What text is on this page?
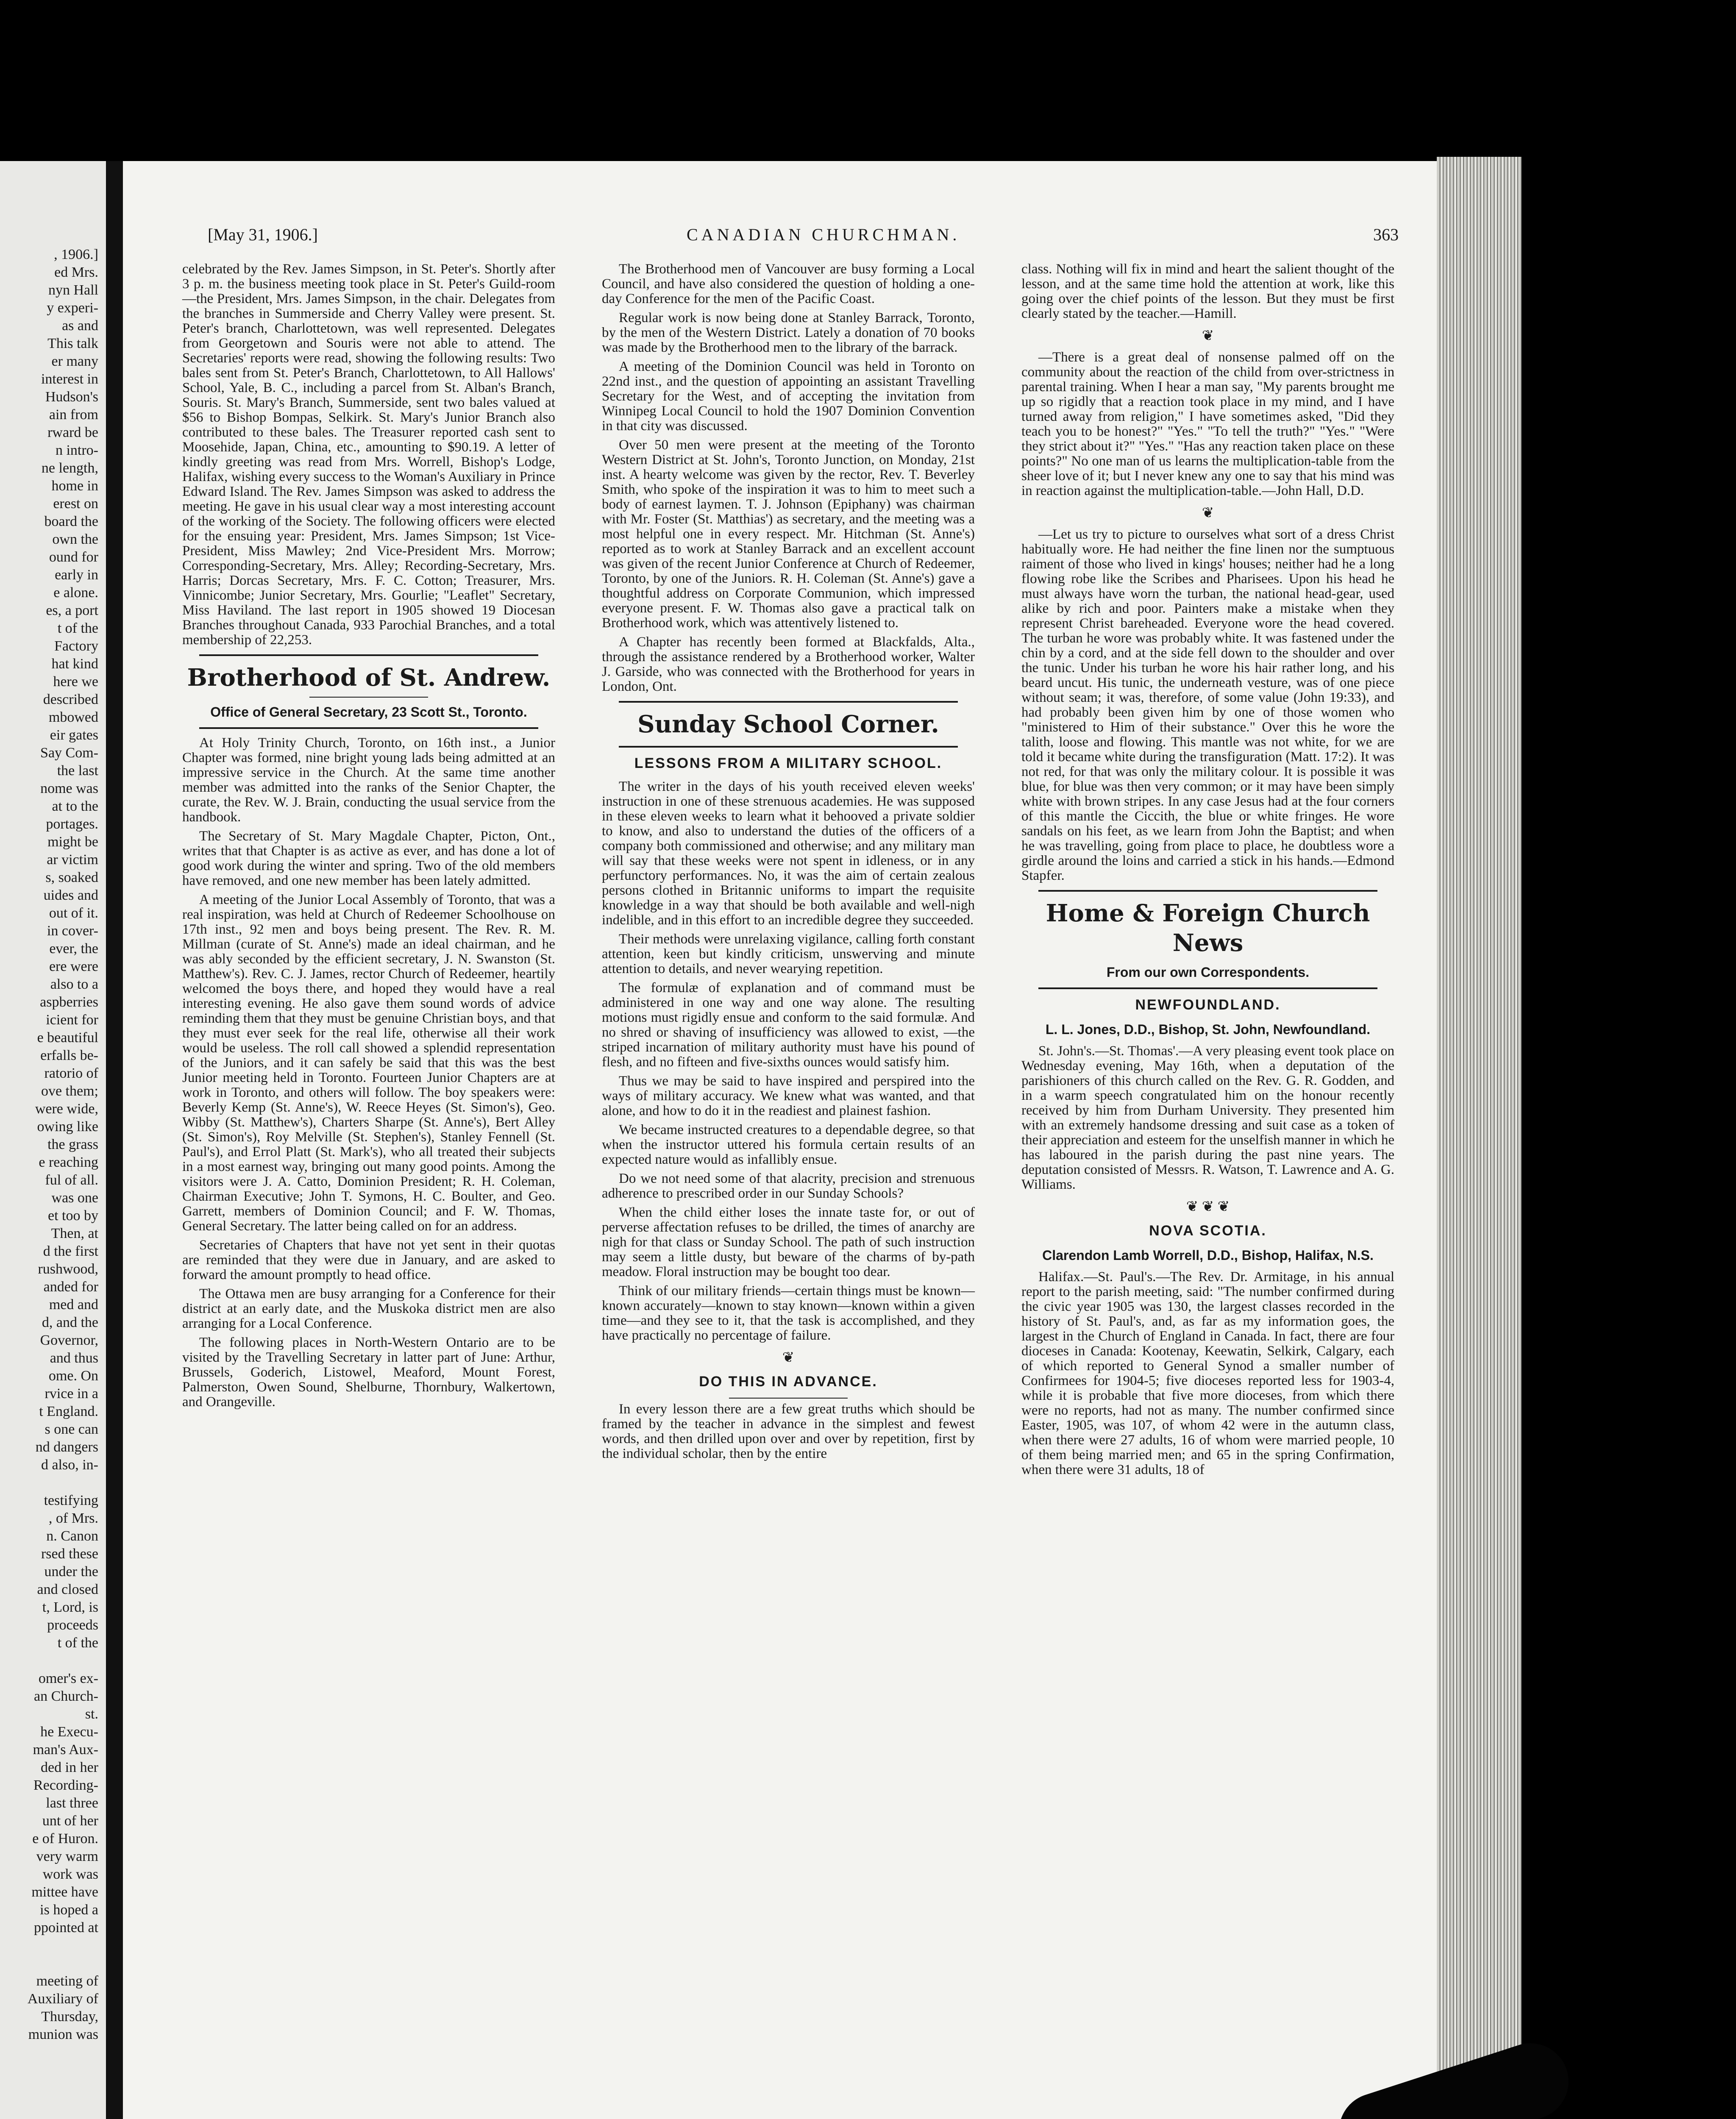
, 1906.]

ed Mrs.

nyn Hall

y experi-

as and

This talk

er many

interest in

Hudson's

ain from

rward be

n intro-

ne length,

home in

erest on

board the

own the

ound for

early in

e alone.

es, a port

t of the

Factory

hat kind

here we

described

mbowed

eir gates

Say Com-

the last

nome was

at to the

portages.

might be

ar victim

s, soaked

uides and

out of it.

in cover-

ever, the

ere were

also to a

aspberries

icient for

e beautiful

erfalls be-

ratorio of

ove them;

were wide,

owing like

the grass

e reaching

ful of all.

was one

et too by

Then, at

d the first

rushwood,

anded for

med and

d, and the

Governor,

and thus

ome. On

rvice in a

t England.

s one can

nd dangers

d also, in-

testifying

, of Mrs.

n. Canon

rsed these

under the

and closed

t, Lord, is

proceeds

t of the

omer's ex-

an Church-

st.

he Execu-

man's Aux-

ded in her

Recording-

last three

unt of her

e of Huron.

very warm

work was

mittee have

is hoped a

ppointed at

meeting of

Auxiliary of

Thursday,

munion was

[May 31, 1906.]	CANADIAN CHURCHMAN.	363

celebrated by the Rev. James Simpson, in St. Peter's. Shortly after 3 p. m. the business meeting took place in St. Peter's Guild-room—the President, Mrs. James Simpson, in the chair. Delegates from the branches in Summerside and Cherry Valley were present. St. Peter's branch, Charlottetown, was well represented. Delegates from Georgetown and Souris were not able to attend. The Secretaries' reports were read, showing the following results: Two bales sent from St. Peter's Branch, Charlottetown, to All Hallows' School, Yale, B. C., including a parcel from St. Alban's Branch, Souris. St. Mary's Branch, Summerside, sent two bales valued at $56 to Bishop Bompas, Selkirk. St. Mary's Junior Branch also contributed to these bales. The Treasurer reported cash sent to Moosehide, Japan, China, etc., amounting to $90.19. A letter of kindly greeting was read from Mrs. Worrell, Bishop's Lodge, Halifax, wishing every success to the Woman's Auxiliary in Prince Edward Island. The Rev. James Simpson was asked to address the meeting. He gave in his usual clear way a most interesting account of the working of the Society. The following officers were elected for the ensuing year: President, Mrs. James Simpson; 1st Vice-President, Miss Mawley; 2nd Vice-President Mrs. Morrow; Corresponding-Secretary, Mrs. Alley; Recording-Secretary, Mrs. Harris; Dorcas Secretary, Mrs. F. C. Cotton; Treasurer, Mrs. Vinnicombe; Junior Secretary, Mrs. Gourlie; "Leaflet" Secretary, Miss Haviland. The last report in 1905 showed 19 Diocesan Branches throughout Canada, 933 Parochial Branches, and a total membership of 22,253.

Brotherhood of St. Andrew.
Office of General Secretary, 23 Scott St., Toronto.

At Holy Trinity Church, Toronto, on 16th inst., a Junior Chapter was formed, nine bright young lads being admitted at an impressive service in the Church. At the same time another member was admitted into the ranks of the Senior Chapter, the curate, the Rev. W. J. Brain, conducting the usual service from the handbook.

The Secretary of St. Mary Magdale Chapter, Picton, Ont., writes that that Chapter is as active as ever, and has done a lot of good work during the winter and spring. Two of the old members have removed, and one new member has been lately admitted.

A meeting of the Junior Local Assembly of Toronto, that was a real inspiration, was held at Church of Redeemer Schoolhouse on 17th inst., 92 men and boys being present. The Rev. R. M. Millman (curate of St. Anne's) made an ideal chairman, and he was ably seconded by the efficient secretary, J. N. Swanston (St. Matthew's). Rev. C. J. James, rector Church of Redeemer, heartily welcomed the boys there, and hoped they would have a real interesting evening. He also gave them sound words of advice reminding them that they must be genuine Christian boys, and that they must ever seek for the real life, otherwise all their work would be useless. The roll call showed a splendid representation of the Juniors, and it can safely be said that this was the best Junior meeting held in Toronto. Fourteen Junior Chapters are at work in Toronto, and others will follow. The boy speakers were: Beverly Kemp (St. Anne's), W. Reece Heyes (St. Simon's), Geo. Wibby (St. Matthew's), Charters Sharpe (St. Anne's), Bert Alley (St. Simon's), Roy Melville (St. Stephen's), Stanley Fennell (St. Paul's), and Errol Platt (St. Mark's), who all treated their subjects in a most earnest way, bringing out many good points. Among the visitors were J. A. Catto, Dominion President; R. H. Coleman, Chairman Executive; John T. Symons, H. C. Boulter, and Geo. Garrett, members of Dominion Council; and F. W. Thomas, General Secretary. The latter being called on for an address.

Secretaries of Chapters that have not yet sent in their quotas are reminded that they were due in January, and are asked to forward the amount promptly to head office.

The Ottawa men are busy arranging for a Conference for their district at an early date, and the Muskoka district men are also arranging for a Local Conference.

The following places in North-Western Ontario are to be visited by the Travelling Secretary in latter part of June: Arthur, Brussels, Goderich, Listowel, Meaford, Mount Forest, Palmerston, Owen Sound, Shelburne, Thornbury, Walkertown, and Orangeville.

The Brotherhood men of Vancouver are busy forming a Local Council, and have also considered the question of holding a one-day Conference for the men of the Pacific Coast.

Regular work is now being done at Stanley Barrack, Toronto, by the men of the Western District. Lately a donation of 70 books was made by the Brotherhood men to the library of the barrack.

A meeting of the Dominion Council was held in Toronto on 22nd inst., and the question of appointing an assistant Travelling Secretary for the West, and of accepting the invitation from Winnipeg Local Council to hold the 1907 Dominion Convention in that city was discussed.

Over 50 men were present at the meeting of the Toronto Western District at St. John's, Toronto Junction, on Monday, 21st inst. A hearty welcome was given by the rector, Rev. T. Beverley Smith, who spoke of the inspiration it was to him to meet such a body of earnest laymen. T. J. Johnson (Epiphany) was chairman with Mr. Foster (St. Matthias') as secretary, and the meeting was a most helpful one in every respect. Mr. Hitchman (St. Anne's) reported as to work at Stanley Barrack and an excellent account was given of the recent Junior Conference at Church of Redeemer, Toronto, by one of the Juniors. R. H. Coleman (St. Anne's) gave a thoughtful address on Corporate Communion, which impressed everyone present. F. W. Thomas also gave a practical talk on Brotherhood work, which was attentively listened to.

A Chapter has recently been formed at Blackfalds, Alta., through the assistance rendered by a Brotherhood worker, Walter J. Garside, who was connected with the Brotherhood for years in London, Ont.

Sunday School Corner.
LESSONS FROM A MILITARY SCHOOL.

The writer in the days of his youth received eleven weeks' instruction in one of these strenuous academies. He was supposed in these eleven weeks to learn what it behooved a private soldier to know, and also to understand the duties of the officers of a company both commissioned and otherwise; and any military man will say that these weeks were not spent in idleness, or in any perfunctory performances. No, it was the aim of certain zealous persons clothed in Britannic uniforms to impart the requisite knowledge in a way that should be both available and well-nigh indelible, and in this effort to an incredible degree they succeeded.

Their methods were unrelaxing vigilance, calling forth constant attention, keen but kindly criticism, unswerving and minute attention to details, and never wearying repetition.

The formulæ of explanation and of command must be administered in one way and one way alone. The resulting motions must rigidly ensue and conform to the said formulæ. And no shred or shaving of insufficiency was allowed to exist, —the striped incarnation of military authority must have his pound of flesh, and no fifteen and five-sixths ounces would satisfy him.

Thus we may be said to have inspired and perspired into the ways of military accuracy. We knew what was wanted, and that alone, and how to do it in the readiest and plainest fashion.

We became instructed creatures to a dependable degree, so that when the instructor uttered his formula certain results of an expected nature would as infallibly ensue.

Do we not need some of that alacrity, precision and strenuous adherence to prescribed order in our Sunday Schools?

When the child either loses the innate taste for, or out of perverse affectation refuses to be drilled, the times of anarchy are nigh for that class or Sunday School. The path of such instruction may seem a little dusty, but beware of the charms of by-path meadow. Floral instruction may be bought too dear.

Think of our military friends—certain things must be known—known accurately—known to stay known—known within a given time—and they see to it, that the task is accomplished, and they have practically no percentage of failure.

❦
DO THIS IN ADVANCE.

In every lesson there are a few great truths which should be framed by the teacher in advance in the simplest and fewest words, and then drilled upon over and over by repetition, first by the individual scholar, then by the entire

class. Nothing will fix in mind and heart the salient thought of the lesson, and at the same time hold the attention at work, like this going over the chief points of the lesson. But they must be first clearly stated by the teacher.—Hamill.

❦

—There is a great deal of nonsense palmed off on the community about the reaction of the child from over-strictness in parental training. When I hear a man say, "My parents brought me up so rigidly that a reaction took place in my mind, and I have turned away from religion," I have sometimes asked, "Did they teach you to be honest?" "Yes." "To tell the truth?" "Yes." "Were they strict about it?" "Yes." "Has any reaction taken place on these points?" No one man of us learns the multiplication-table from the sheer love of it; but I never knew any one to say that his mind was in reaction against the multiplication-table.—John Hall, D.D.

❦

—Let us try to picture to ourselves what sort of a dress Christ habitually wore. He had neither the fine linen nor the sumptuous raiment of those who lived in kings' houses; neither had he a long flowing robe like the Scribes and Pharisees. Upon his head he must always have worn the turban, the national head-gear, used alike by rich and poor. Painters make a mistake when they represent Christ bareheaded. Everyone wore the head covered. The turban he wore was probably white. It was fastened under the chin by a cord, and at the side fell down to the shoulder and over the tunic. Under his turban he wore his hair rather long, and his beard uncut. His tunic, the underneath vesture, was of one piece without seam; it was, therefore, of some value (John 19:33), and had probably been given him by one of those women who "ministered to Him of their substance." Over this he wore the talith, loose and flowing. This mantle was not white, for we are told it became white during the transfiguration (Matt. 17:2). It was not red, for that was only the military colour. It is possible it was blue, for blue was then very common; or it may have been simply white with brown stripes. In any case Jesus had at the four corners of this mantle the Ciccith, the blue or white fringes. He wore sandals on his feet, as we learn from John the Baptist; and when he was travelling, going from place to place, he doubtless wore a girdle around the loins and carried a stick in his hands.—Edmond Stapfer.

Home & Foreign Church News
From our own Correspondents.
NEWFOUNDLAND.
L. L. Jones, D.D., Bishop, St. John, Newfoundland.

St. John's.—St. Thomas'.—A very pleasing event took place on Wednesday evening, May 16th, when a deputation of the parishioners of this church called on the Rev. G. R. Godden, and in a warm speech congratulated him on the honour recently received by him from Durham University. They presented him with an extremely handsome dressing and suit case as a token of their appreciation and esteem for the unselfish manner in which he has laboured in the parish during the past nine years. The deputation consisted of Messrs. R. Watson, T. Lawrence and A. G. Williams.

❦ ❦ ❦
NOVA SCOTIA.
Clarendon Lamb Worrell, D.D., Bishop, Halifax, N.S.

Halifax.—St. Paul's.—The Rev. Dr. Armitage, in his annual report to the parish meeting, said: "The number confirmed during the civic year 1905 was 130, the largest classes recorded in the history of St. Paul's, and, as far as my information goes, the largest in the Church of England in Canada. In fact, there are four dioceses in Canada: Kootenay, Keewatin, Selkirk, Calgary, each of which reported to General Synod a smaller number of Confirmees for 1904-5; five dioceses reported less for 1903-4, while it is probable that five more dioceses, from which there were no reports, had not as many. The number confirmed since Easter, 1905, was 107, of whom 42 were in the autumn class, when there were 27 adults, 16 of whom were married people, 10 of them being married men; and 65 in the spring Confirmation, when there were 31 adults, 18 of
